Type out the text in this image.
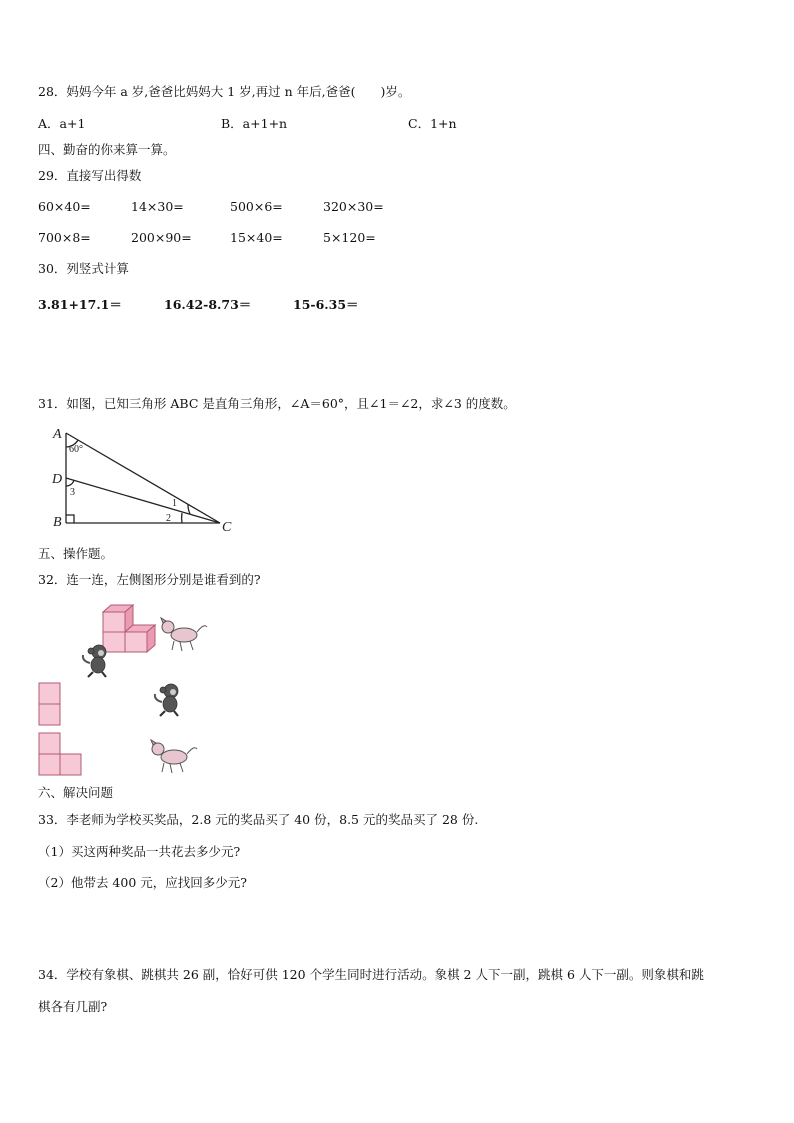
28．妈妈今年 a 岁,爸爸比妈妈大 1 岁,再过 n 年后,爸爸(　　)岁。
A．a+1	B．a+1+n	C．1+n
四、勤奋的你来算一算。
29．直接写出得数
60×40=	14×30=	500×6=	320×30=
700×8=	200×90=	15×40=	5×120=
30．列竖式计算
3.81+17.1＝	16.42-8.73＝	15-6.35＝
31．如图，已知三角形 ABC 是直角三角形，∠A＝60°，且∠1＝∠2，求∠3 的度数。
A
D
B	C
60°
3
1
2
五、操作题。
32．连一连，左侧图形分别是谁看到的?
六、解决问题
33．李老师为学校买奖品，2.8 元的奖品买了 40 份，8.5 元的奖品买了 28 份.
（1）买这两种奖品一共花去多少元?
（2）他带去 400 元，应找回多少元?
34．学校有象棋、跳棋共 26 副，恰好可供 120 个学生同时进行活动。象棋 2 人下一副，跳棋 6 人下一副。则象棋和跳
棋各有几副?
